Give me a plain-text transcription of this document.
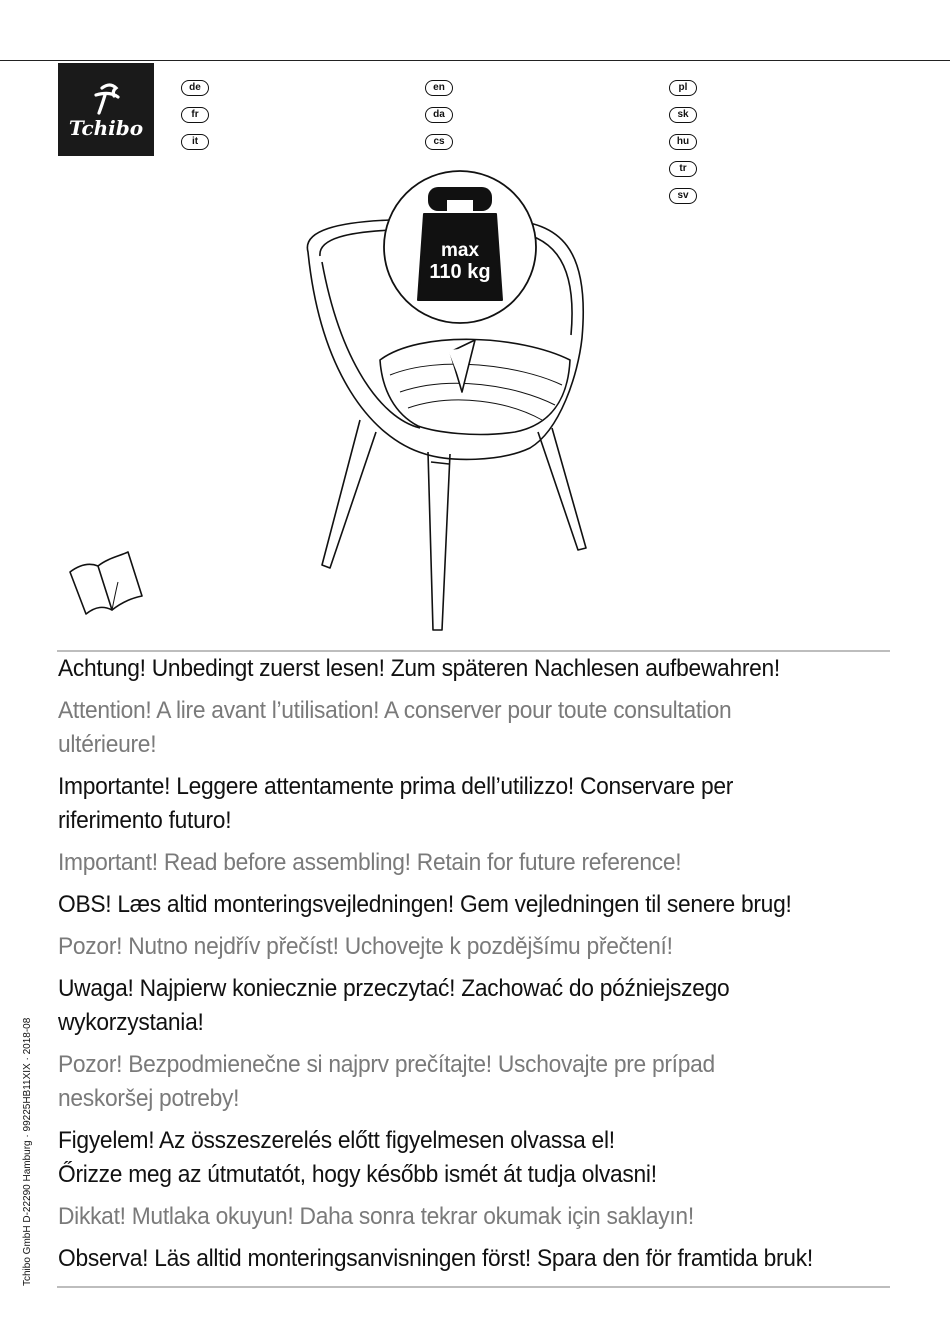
Tchibo
de
fr
it
en
da
cs
pl
sk
hu
tr
sv
max
110 kg

Achtung! Unbedingt zuerst lesen! Zum späteren Nachlesen aufbewahren!

Attention! A lire avant l’utilisation! A conserver pour toute consultation
ultérieure!

Importante! Leggere attentamente prima dell’utilizzo! Conservare per
riferimento futuro!

Important! Read before assembling! Retain for future reference!

OBS! Læs altid monteringsvejledningen! Gem vejledningen til senere brug!

Pozor! Nutno nejdřív přečíst! Uchovejte k pozdějšímu přečtení!

Uwaga! Najpierw koniecznie przeczytać! Zachować do późniejszego
wykorzystania!

Pozor! Bezpodmienečne si najprv prečítajte! Uschovajte pre prípad
neskoršej potreby!

Figyelem! Az összeszerelés előtt figyelmesen olvassa el!
Őrizze meg az útmutatót, hogy később ismét át tudja olvasni!

Dikkat! Mutlaka okuyun! Daha sonra tekrar okumak için saklayın!

Observa! Läs alltid monteringsanvisningen först! Spara den för framtida bruk!

Tchibo GmbH D-22290 Hamburg · 99225HB11XIX · 2018-08
